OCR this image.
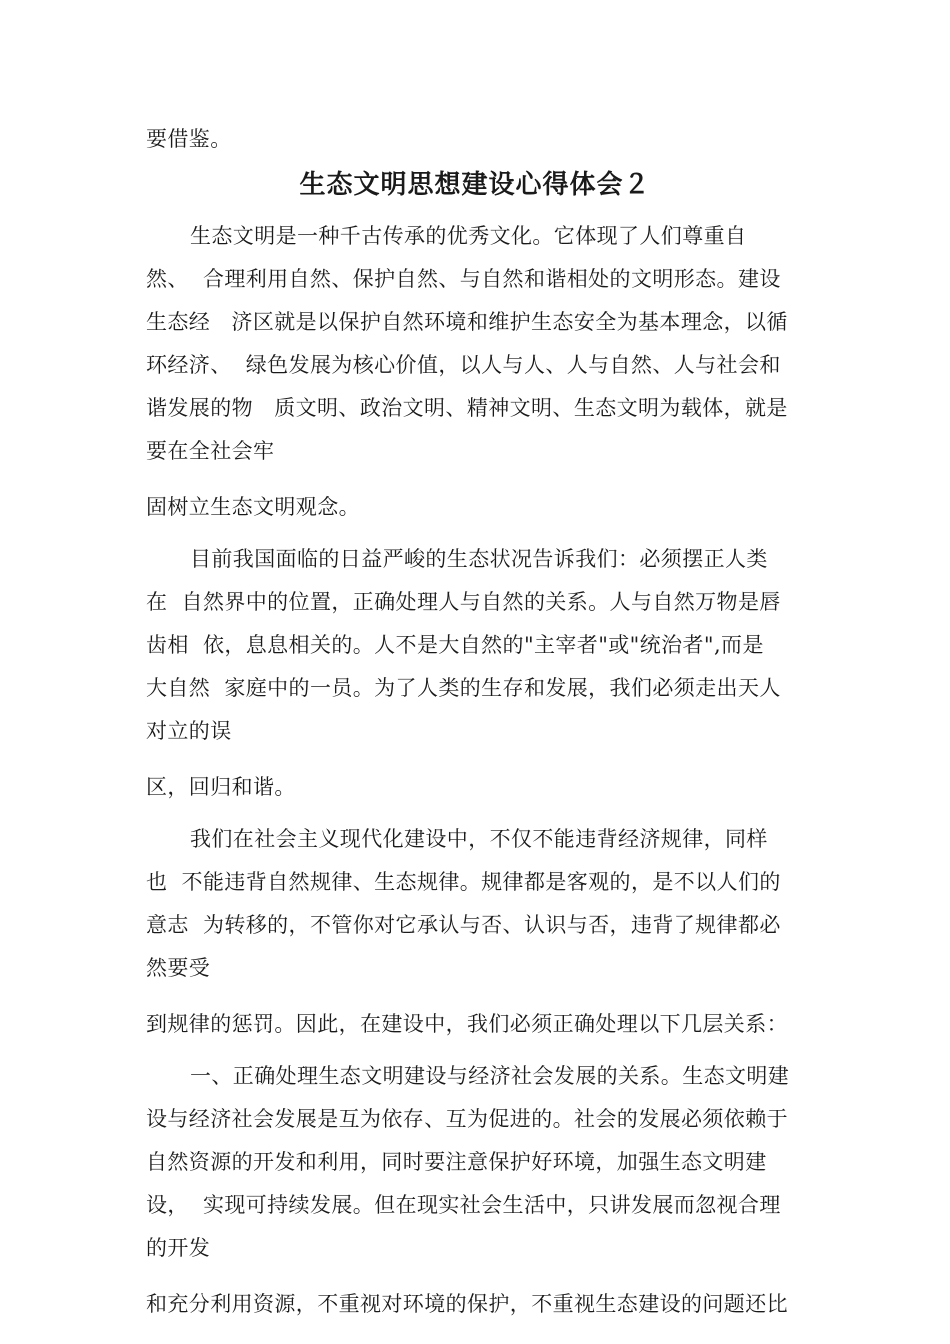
要借鉴。
生态文明思想建设心得体会２
生态文明是一种千古传承的优秀文化。它体现了人们尊重自
然、  合理利用自然、保护自然、与自然和谐相处的文明形态。建设
生态经   济区就是以保护自然环境和维护生态安全为基本理念，以循
环经济、  绿色发展为核心价值，以人与人、人与自然、人与社会和
谐发展的物   质文明、政治文明、精神文明、生态文明为载体，就是
要在全社会牢
固树立生态文明观念。
目前我国面临的日益严峻的生态状况告诉我们：必须摆正人类
在  自然界中的位置，正确处理人与自然的关系。人与自然万物是唇
齿相  依，息息相关的。人不是大自然的"主宰者"或"统治者",而是
大自然  家庭中的一员。为了人类的生存和发展，我们必须走出天人
对立的误
区，回归和谐。
我们在社会主义现代化建设中，不仅不能违背经济规律，同样
也  不能违背自然规律、生态规律。规律都是客观的，是不以人们的
意志  为转移的，不管你对它承认与否、认识与否，违背了规律都必
然要受
到规律的惩罚。因此，在建设中，我们必须正确处理以下几层关系：
一、正确处理生态文明建设与经济社会发展的关系。生态文明建
设与经济社会发展是互为依存、互为促进的。社会的发展必须依赖于
自然资源的开发和利用，同时要注意保护好环境，加强生态文明建
设，  实现可持续发展。但在现实社会生活中，只讲发展而忽视合理
的开发
和充分利用资源，不重视对环境的保护，不重视生态建设的问题还比
